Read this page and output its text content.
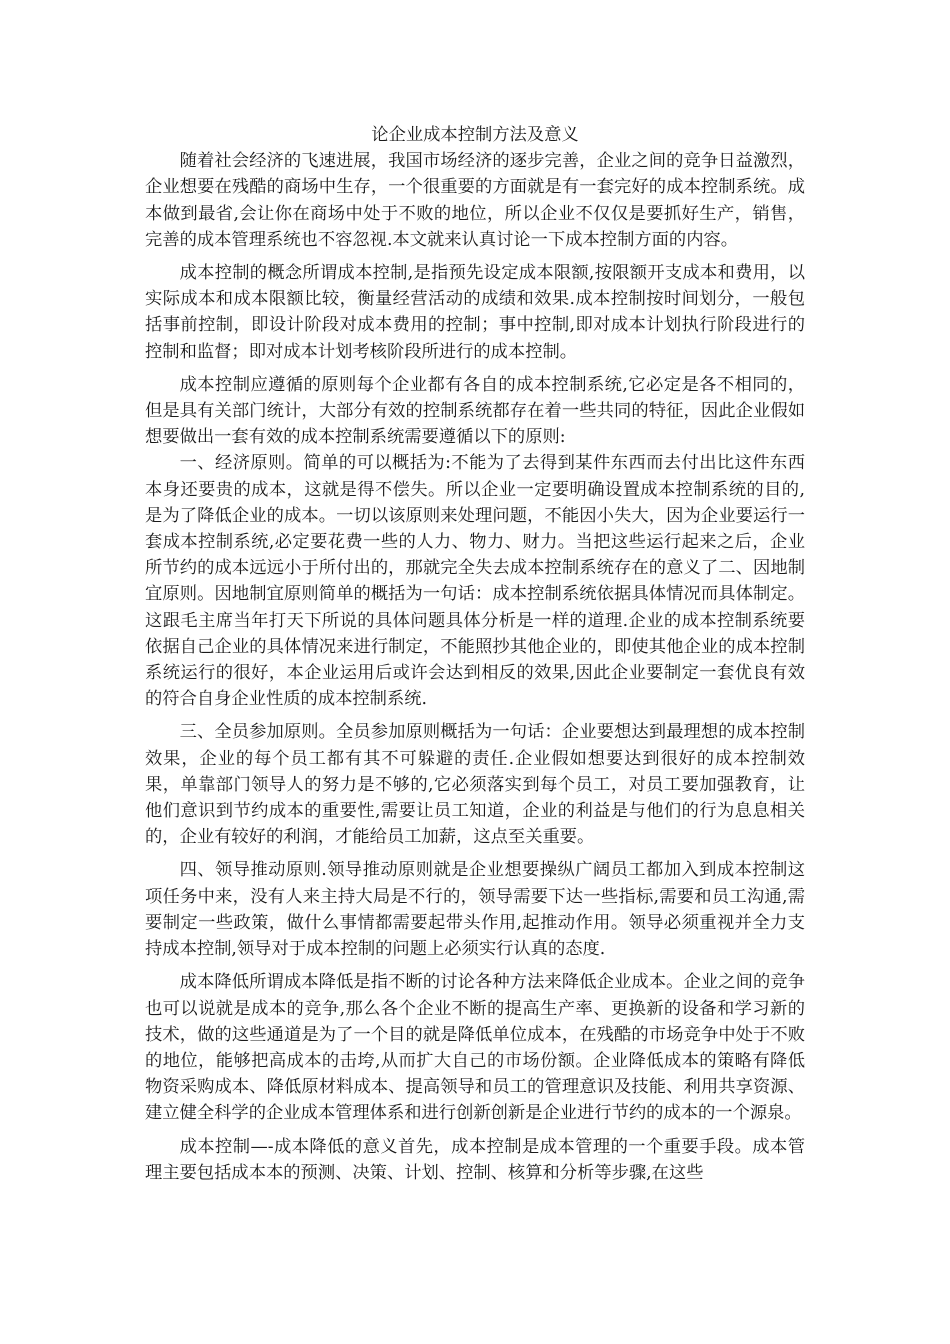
论企业成本控制方法及意义

随着社会经济的飞速进展，我国市场经济的逐步完善，企业之间的竞争日益激烈，企业想要在残酷的商场中生存，一个很重要的方面就是有一套完好的成本控制系统。成本做到最省,会让你在商场中处于不败的地位，所以企业不仅仅是要抓好生产，销售，完善的成本管理系统也不容忽视.本文就来认真讨论一下成本控制方面的内容。

成本控制的概念所谓成本控制,是指预先设定成本限额,按限额开支成本和费用，以实际成本和成本限额比较，衡量经营活动的成绩和效果.成本控制按时间划分，一般包括事前控制，即设计阶段对成本费用的控制；事中控制,即对成本计划执行阶段进行的控制和监督；即对成本计划考核阶段所进行的成本控制。

成本控制应遵循的原则每个企业都有各自的成本控制系统,它必定是各不相同的，但是具有关部门统计，大部分有效的控制系统都存在着一些共同的特征，因此企业假如想要做出一套有效的成本控制系统需要遵循以下的原则:

一、经济原则。简单的可以概括为:不能为了去得到某件东西而去付出比这件东西本身还要贵的成本，这就是得不偿失。所以企业一定要明确设置成本控制系统的目的,是为了降低企业的成本。一切以该原则来处理问题，不能因小失大，因为企业要运行一套成本控制系统,必定要花费一些的人力、物力、财力。当把这些运行起来之后，企业所节约的成本远远小于所付出的，那就完全失去成本控制系统存在的意义了二、因地制宜原则。因地制宜原则简单的概括为一句话：成本控制系统依据具体情况而具体制定。这跟毛主席当年打天下所说的具体问题具体分析是一样的道理.企业的成本控制系统要依据自己企业的具体情况来进行制定，不能照抄其他企业的，即使其他企业的成本控制系统运行的很好，本企业运用后或许会达到相反的效果,因此企业要制定一套优良有效的符合自身企业性质的成本控制系统.

三、全员参加原则。全员参加原则概括为一句话：企业要想达到最理想的成本控制效果，企业的每个员工都有其不可躲避的责任.企业假如想要达到很好的成本控制效果，单靠部门领导人的努力是不够的,它必须落实到每个员工，对员工要加强教育，让他们意识到节约成本的重要性,需要让员工知道，企业的利益是与他们的行为息息相关的，企业有较好的利润，才能给员工加薪，这点至关重要。

四、领导推动原则.领导推动原则就是企业想要操纵广阔员工都加入到成本控制这项任务中来，没有人来主持大局是不行的，领导需要下达一些指标,需要和员工沟通,需要制定一些政策，做什么事情都需要起带头作用,起推动作用。领导必须重视并全力支持成本控制,领导对于成本控制的问题上必须实行认真的态度.

成本降低所谓成本降低是指不断的讨论各种方法来降低企业成本。企业之间的竞争也可以说就是成本的竞争,那么各个企业不断的提高生产率、更换新的设备和学习新的技术，做的这些通道是为了一个目的就是降低单位成本，在残酷的市场竞争中处于不败的地位，能够把高成本的击垮,从而扩大自己的市场份额。企业降低成本的策略有降低物资采购成本、降低原材料成本、提高领导和员工的管理意识及技能、利用共享资源、建立健全科学的企业成本管理体系和进行创新创新是企业进行节约的成本的一个源泉。

成本控制—-成本降低的意义首先，成本控制是成本管理的一个重要手段。成本管理主要包括成本本的预测、决策、计划、控制、核算和分析等步骤,在这些
